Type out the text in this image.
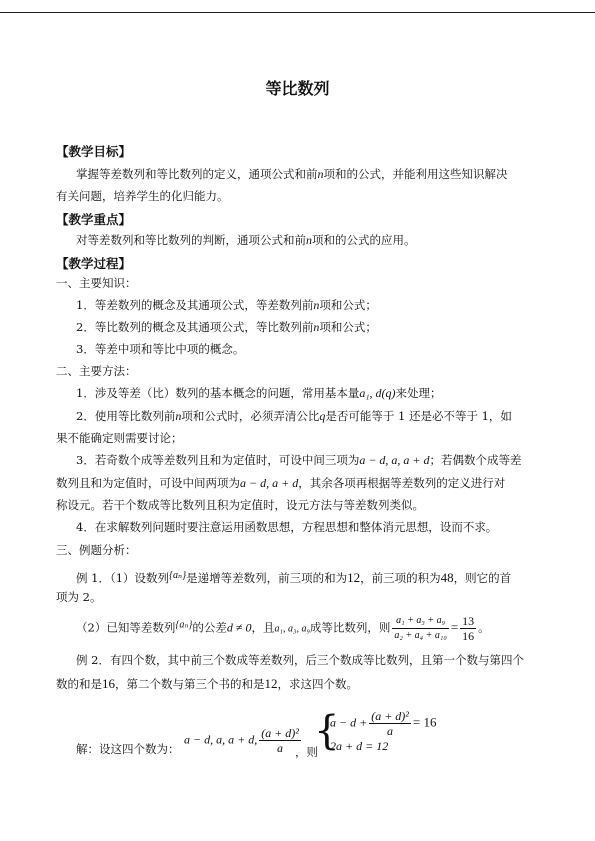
等比数列
【教学目标】
掌握等差数列和等比数列的定义，通项公式和前n项和的公式，并能利用这些知识解决
有关问题，培养学生的化归能力。
【教学重点】
对等差数列和等比数列的判断，通项公式和前n项和的公式的应用。
【教学过程】
一、主要知识：
1．等差数列的概念及其通项公式，等差数列前n项和公式；
2．等比数列的概念及其通项公式，等比数列前n项和公式；
3．等差中项和等比中项的概念。
二、主要方法：
1．涉及等差（比）数列的基本概念的问题，常用基本量a₁, d(q)来处理；
2．使用等比数列前n项和公式时，必须弄清公比q是否可能等于 1 还是必不等于 1，如
果不能确定则需要讨论；
3．若奇数个成等差数列且和为定值时，可设中间三项为a − d, a, a + d；若偶数个成等差
数列且和为定值时，可设中间两项为a − d, a + d，其余各项再根据等差数列的定义进行对
称设元。若干个数成等比数列且积为定值时，设元方法与等差数列类似。
4．在求解数列问题时要注意运用函数思想，方程思想和整体消元思想，设而不求。
三、例题分析：
例 1．（1）设数列{aₙ}是递增等差数列，前三项的和为12，前三项的积为48，则它的首
项为 2。
（2）已知等差数列{aₙ}的公差d ≠ 0，且a₁, a₃, a₉成等比数列，则 $\frac{\text{a₁ + a₃ + a₉}}{\text{a₂ + a₄ + a₁₀}} = \frac{13}{16}$ 。
例 2．有四个数，其中前三个数成等差数列，后三个数成等比数列，且第一个数与第四个
数的和是16，第二个数与第三个书的和是12，求这四个数。
解：设这四个数为：
a − d, a, a + d, $\frac{\text{(a + d)²}}{a}$
，则
{
$a - d + \frac{\text{(a + d)²}}{a} = 16$
2a + d = 12
